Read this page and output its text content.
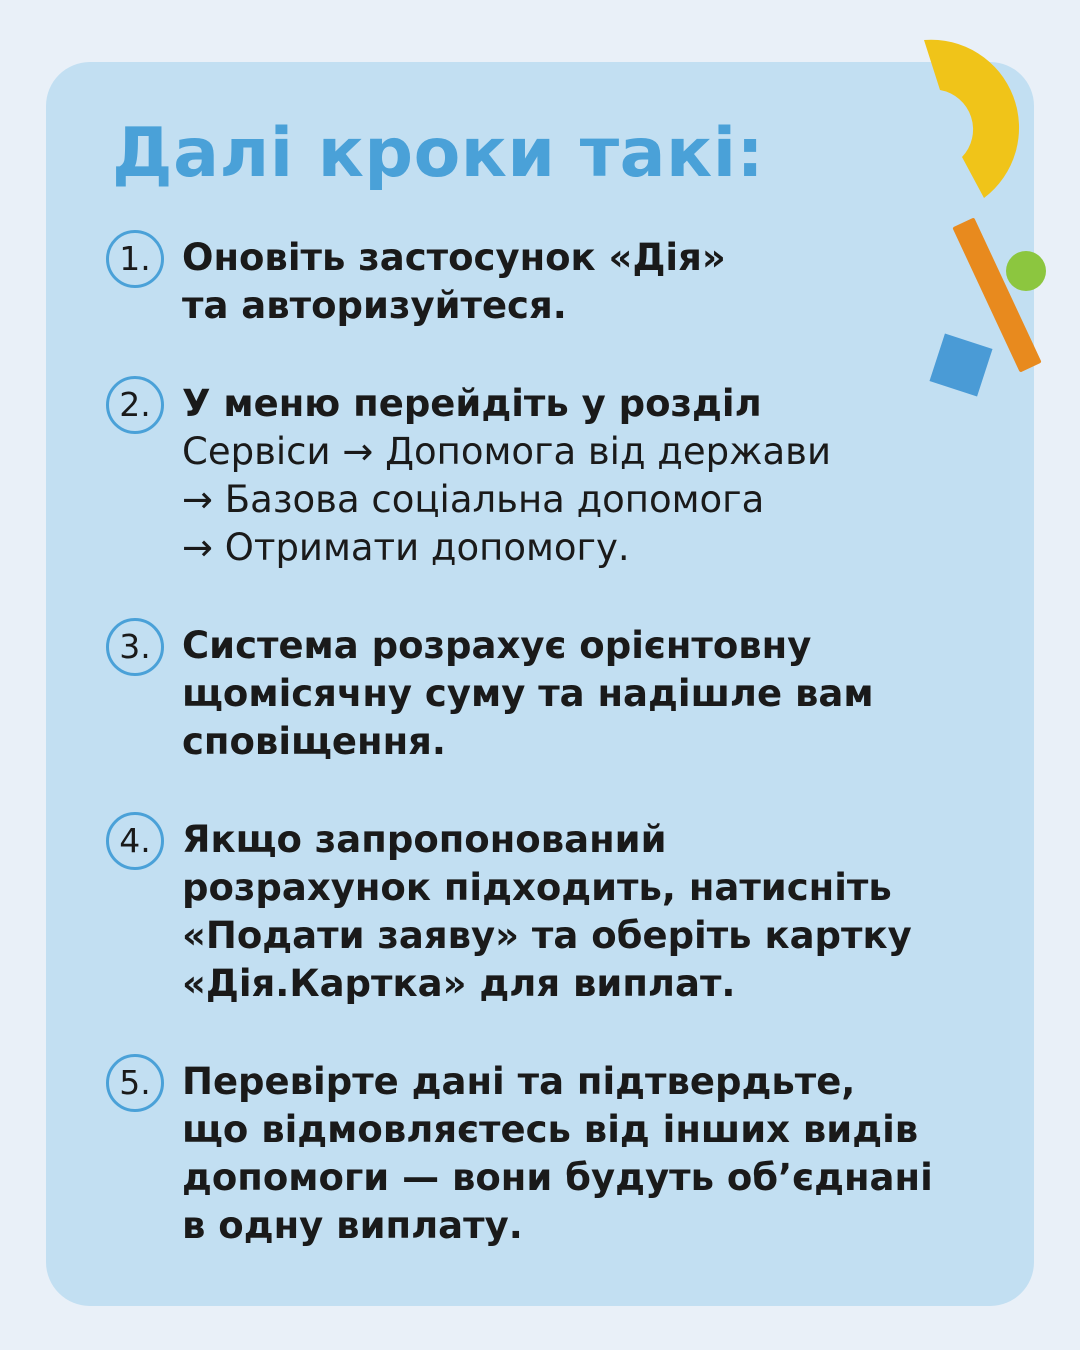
Далі кроки такі:
1. Оновіть застосунок «Дія»
та авторизуйтеся.
2. У меню перейдіть у розділ
Сервіси → Допомога від держави
→ Базова соціальна допомога
→ Отримати допомогу.
3. Система розрахує орієнтовну
щомісячну суму та надішле вам
сповіщення.
4. Якщо запропонований
розрахунок підходить, натисніть
«Подати заяву» та оберіть картку
«Дія.Картка» для виплат.
5. Перевірте дані та підтвердьте,
що відмовляєтесь від інших видів
допомоги — вони будуть об’єднані
в одну виплату.
